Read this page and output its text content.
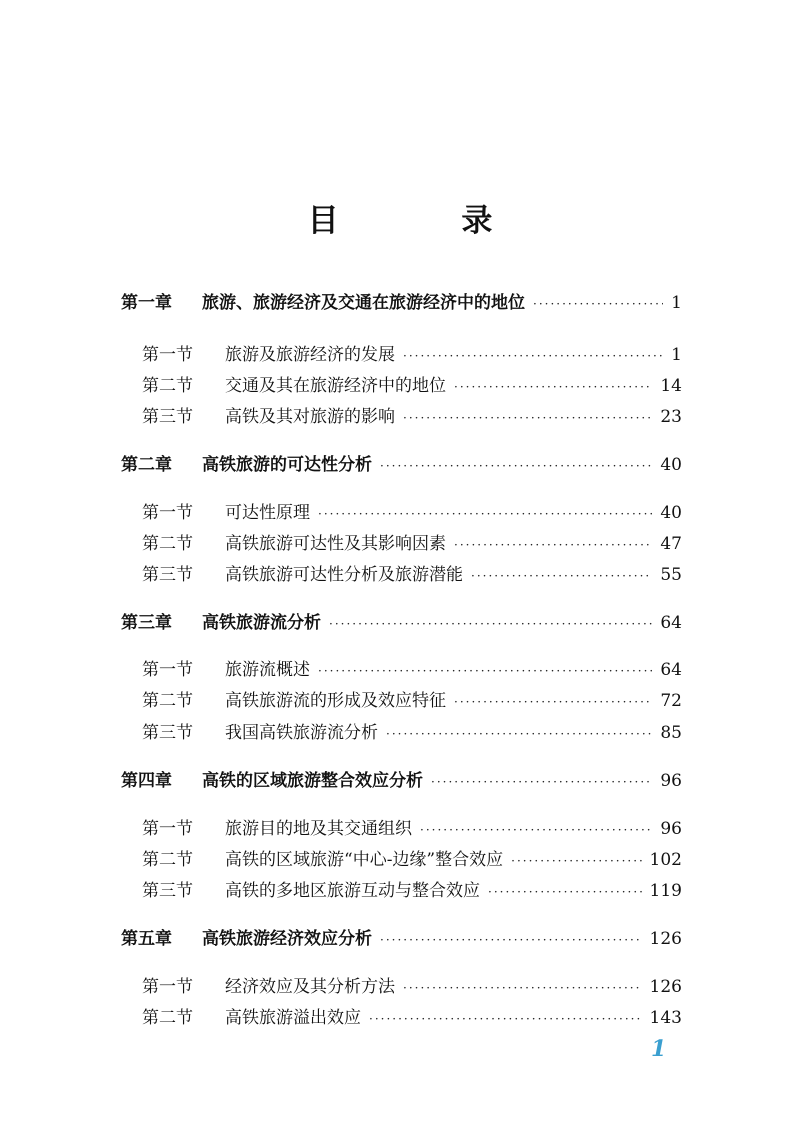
目 录
第一章	旅游、旅游经济及交通在旅游经济中的地位 ·····	1
第一节	旅游及旅游经济的发展 ·····	1
第二节	交通及其在旅游经济中的地位 ·····	14
第三节	高铁及其对旅游的影响 ·····	23
第二章	高铁旅游的可达性分析 ·····	40
第一节	可达性原理 ·····	40
第二节	高铁旅游可达性及其影响因素 ·····	47
第三节	高铁旅游可达性分析及旅游潜能 ·····	55
第三章	高铁旅游流分析 ·····	64
第一节	旅游流概述 ·····	64
第二节	高铁旅游流的形成及效应特征 ·····	72
第三节	我国高铁旅游流分析 ·····	85
第四章	高铁的区域旅游整合效应分析 ·····	96
第一节	旅游目的地及其交通组织 ·····	96
第二节	高铁的区域旅游“中心-边缘”整合效应 ·····	102
第三节	高铁的多地区旅游互动与整合效应 ·····	119
第五章	高铁旅游经济效应分析 ·····	126
第一节	经济效应及其分析方法 ·····	126
第二节	高铁旅游溢出效应 ·····	143
1
